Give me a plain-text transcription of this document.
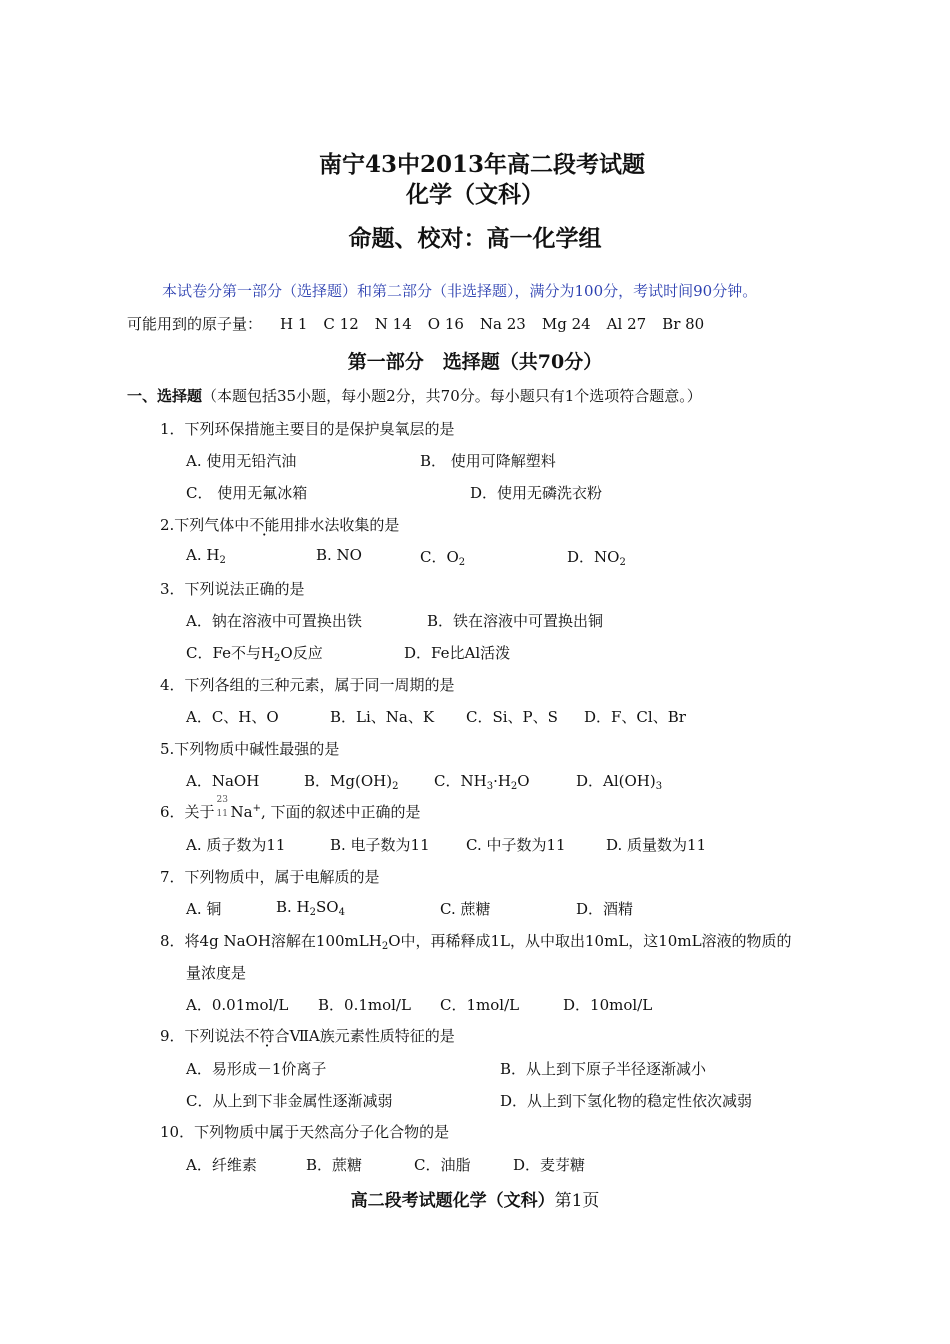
南宁43中2013年高二段考试题
化学（文科）
命题、校对：高一化学组
本试卷分第一部分（选择题）和第二部分（非选择题），满分为100分，考试时间90分钟。
可能用到的原子量： H 1 C 12 N 14 O 16 Na 23 Mg 24 Al 27 Br 80
第一部分　选择题（共70分）
一、选择题（本题包括35小题，每小题2分，共70分。每小题只有1个选项符合题意。）
1．下列环保措施主要目的是保护臭氧层的是
A. 使用无铅汽油	B． 使用可降解塑料
C． 使用无氟冰箱	D．使用无磷洗衣粉
2.下列气体中不能用排水法收集的是
A. $H_2$	B. NO	C．$O_2$	D．$NO_2$
3．下列说法正确的是
A．钠在溶液中可置换出铁	B．铁在溶液中可置换出铜
C．Fe不与$H_2O$反应	D．Fe比Al活泼
4．下列各组的三种元素，属于同一周期的是
A．C、H、O	B．Li、Na、K C．Si、P、S D．F、Cl、Br
5.下列物质中碱性最强的是
A．NaOH	B．$Mg(OH)_2$ C．$NH_3\cdot H_2O$	D．$Al(OH)_3$
6．关于
23
11 Na+, 下面的叙述中正确的是
A. 质子数为11	B. 电子数为11 C. 中子数为11	D. 质量数为11
7．下列物质中，属于电解质的是
A. 铜	B. $H_2SO_4$	C. 蔗糖	D．酒精
8．将4g NaOH溶解在100mLH$_2$O中，再稀释成1L，从中取出10mL，这10mL溶液的物质的
量浓度是
A．0.01mol/L B．0.1mol/L C．1mol/L	D．10mol/L
9．下列说法不符合ⅦA族元素性质特征的是
A．易形成－1价离子	B．从上到下原子半径逐渐减小
C．从上到下非金属性逐渐减弱	D．从上到下氢化物的稳定性依次减弱
10．下列物质中属于天然高分子化合物的是
A．纤维素	B．蔗糖	C．油脂	D．麦芽糖
高二段考试题化学（文科）第1页
